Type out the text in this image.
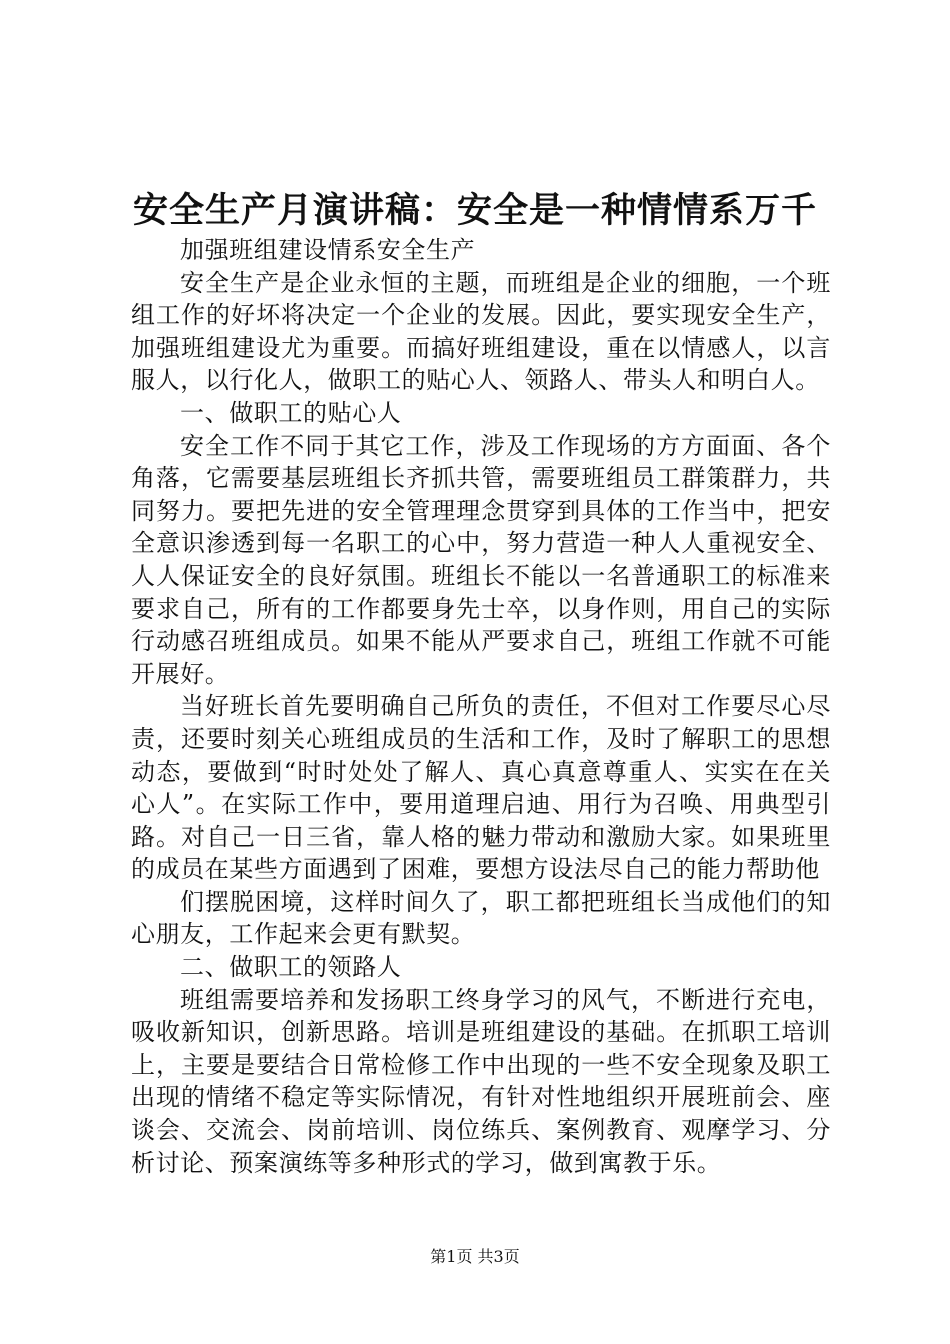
安全生产月演讲稿：安全是一种情情系万千

加强班组建设情系安全生产

安全生产是企业永恒的主题，而班组是企业的细胞，一个班组工作的好坏将决定一个企业的发展。因此，要实现安全生产，加强班组建设尤为重要。而搞好班组建设，重在以情感人，以言服人，以行化人，做职工的贴心人、领路人、带头人和明白人。

一、做职工的贴心人

安全工作不同于其它工作，涉及工作现场的方方面面、各个角落，它需要基层班组长齐抓共管，需要班组员工群策群力，共同努力。要把先进的安全管理理念贯穿到具体的工作当中，把安全意识渗透到每一名职工的心中，努力营造一种人人重视安全、人人保证安全的良好氛围。班组长不能以一名普通职工的标准来要求自己，所有的工作都要身先士卒，以身作则，用自己的实际行动感召班组成员。如果不能从严要求自己，班组工作就不可能开展好。

当好班长首先要明确自己所负的责任，不但对工作要尽心尽责，还要时刻关心班组成员的生活和工作，及时了解职工的思想动态，要做到“时时处处了解人、真心真意尊重人、实实在在关心人”。在实际工作中，要用道理启迪、用行为召唤、用典型引路。对自己一日三省，靠人格的魅力带动和激励大家。如果班里的成员在某些方面遇到了困难，要想方设法尽自己的能力帮助他

们摆脱困境，这样时间久了，职工都把班组长当成他们的知心朋友，工作起来会更有默契。

二、做职工的领路人

班组需要培养和发扬职工终身学习的风气，不断进行充电，吸收新知识，创新思路。培训是班组建设的基础。在抓职工培训上，主要是要结合日常检修工作中出现的一些不安全现象及职工出现的情绪不稳定等实际情况，有针对性地组织开展班前会、座谈会、交流会、岗前培训、岗位练兵、案例教育、观摩学习、分析讨论、预案演练等多种形式的学习，做到寓教于乐。

第1页 共3页
